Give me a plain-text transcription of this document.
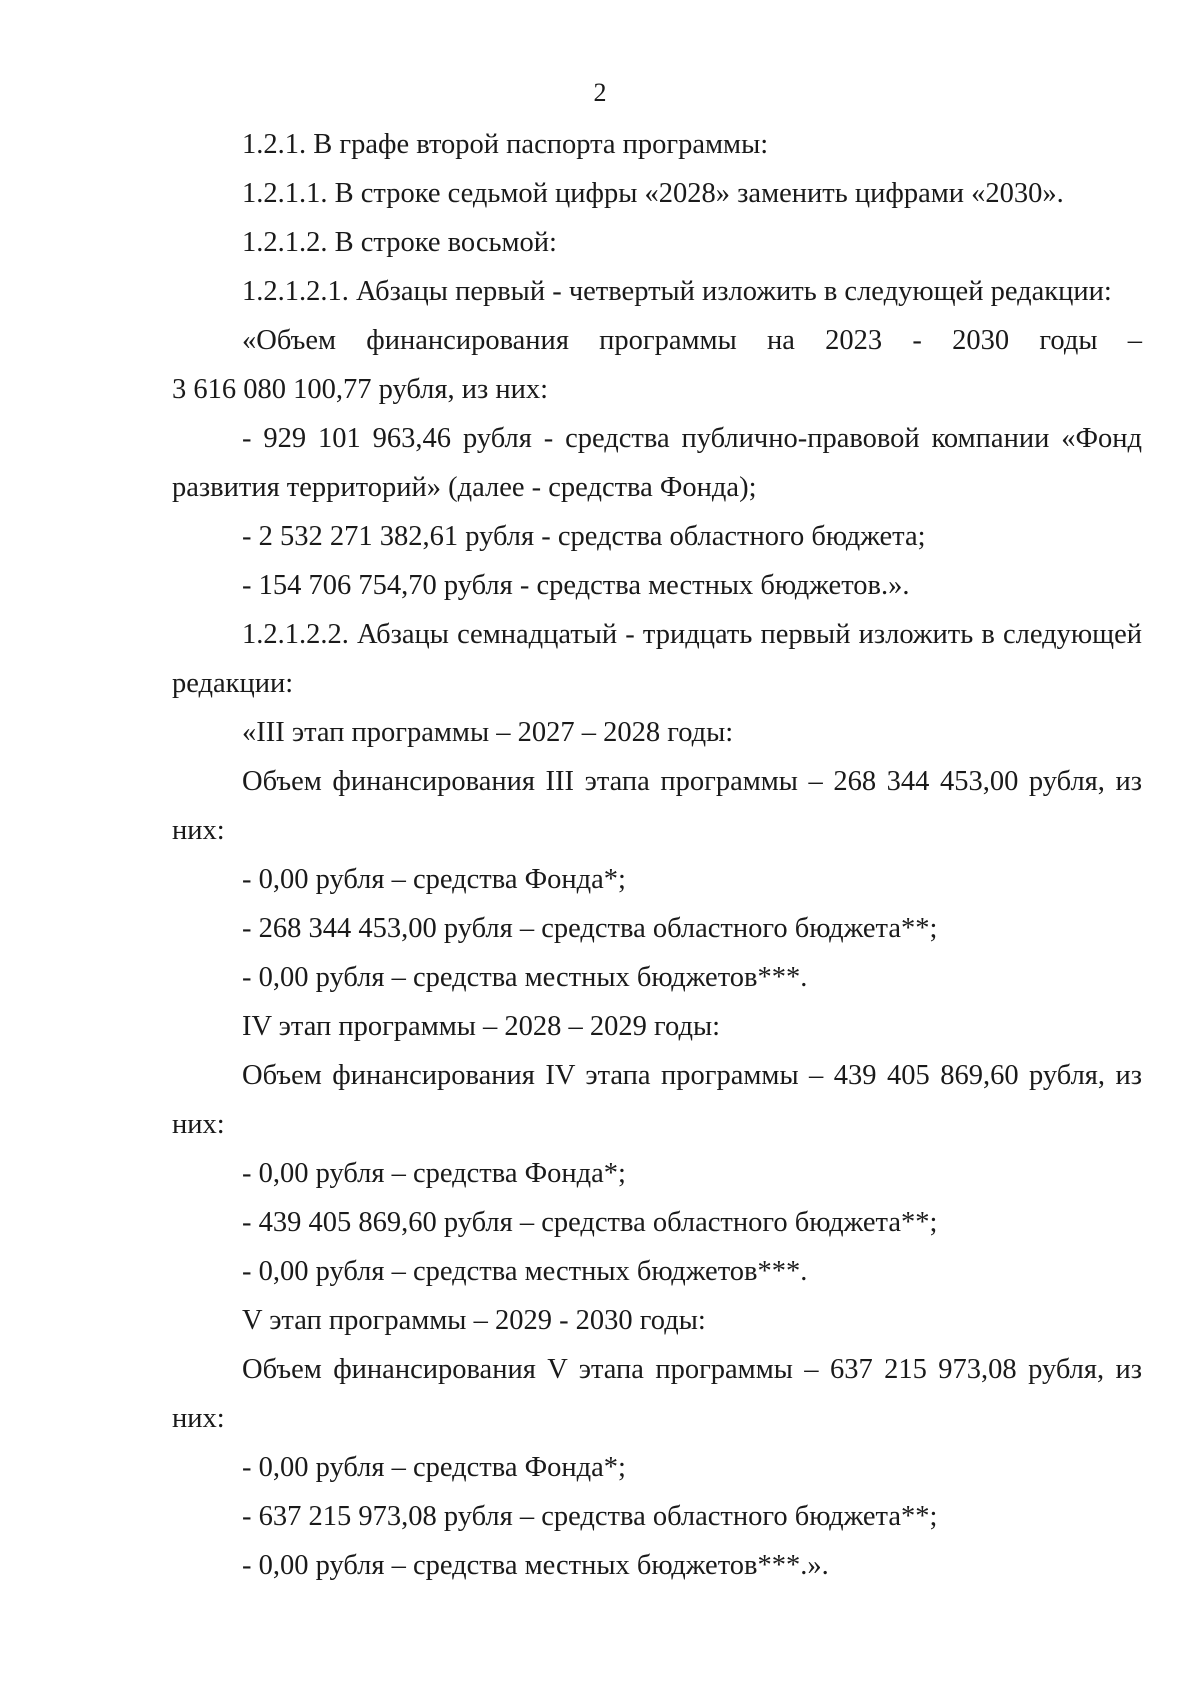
2

1.2.1. В графе второй паспорта программы:

1.2.1.1. В строке седьмой цифры «2028» заменить цифрами «2030».

1.2.1.2. В строке восьмой:

1.2.1.2.1. Абзацы первый - четвертый изложить в следующей редакции:

«Объем финансирования программы на 2023 - 2030 годы –

3 616 080 100,77 рубля, из них:

- 929 101 963,46 рубля - средства публично-правовой компании «Фонд

развития территорий» (далее - средства Фонда);

- 2 532 271 382,61 рубля - средства областного бюджета;

- 154 706 754,70 рубля - средства местных бюджетов.».

1.2.1.2.2. Абзацы семнадцатый - тридцать первый изложить в следующей

редакции:

«III этап программы – 2027 – 2028 годы:

Объем финансирования III этапа программы – 268 344 453,00 рубля, из

них:

- 0,00 рубля – средства Фонда*;

- 268 344 453,00 рубля – средства областного бюджета**;

- 0,00 рубля – средства местных бюджетов***.

IV этап программы – 2028 – 2029 годы:

Объем финансирования IV этапа программы – 439 405 869,60 рубля, из

них:

- 0,00 рубля – средства Фонда*;

- 439 405 869,60 рубля – средства областного бюджета**;

- 0,00 рубля – средства местных бюджетов***.

V этап программы – 2029 - 2030 годы:

Объем финансирования V этапа программы – 637 215 973,08 рубля, из

них:

- 0,00 рубля – средства Фонда*;

- 637 215 973,08 рубля – средства областного бюджета**;

- 0,00 рубля – средства местных бюджетов***.».
